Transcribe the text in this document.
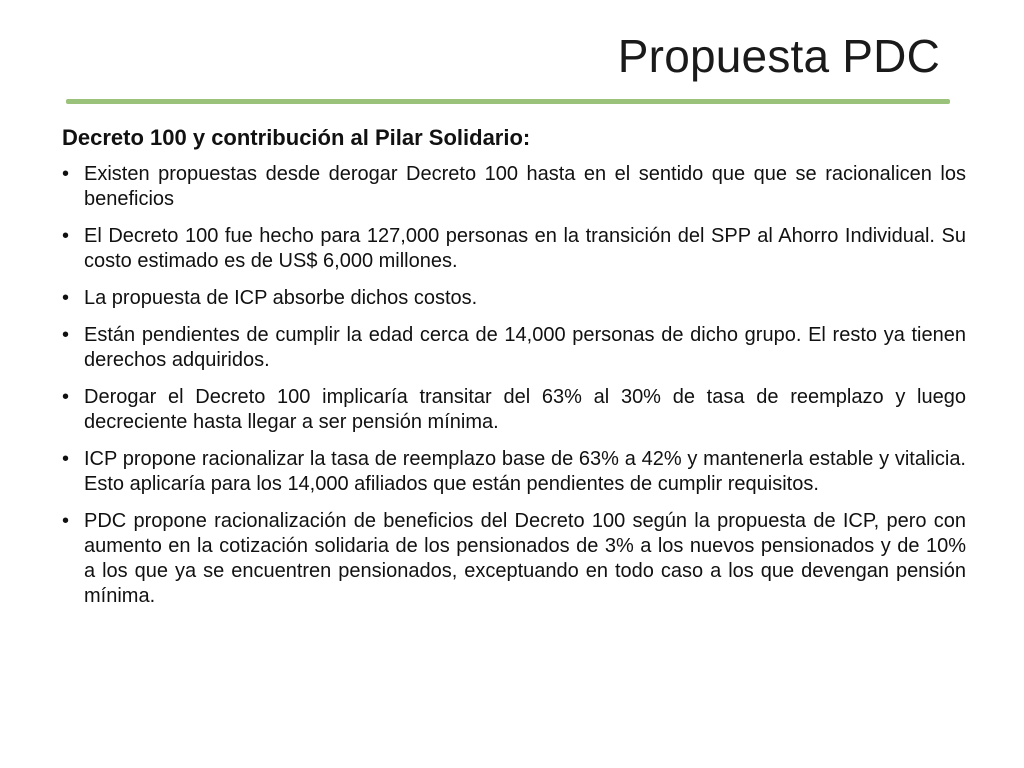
Propuesta PDC
Decreto 100 y contribución al Pilar Solidario:
• Existen propuestas desde derogar Decreto 100 hasta en el sentido que que se racionalicen los beneficios
• El Decreto 100 fue hecho para 127,000 personas en la transición del SPP al Ahorro Individual. Su costo estimado es de US$ 6,000 millones.
• La propuesta de ICP absorbe dichos costos.
• Están pendientes de cumplir la edad cerca de 14,000 personas de dicho grupo. El resto ya tienen derechos adquiridos.
• Derogar el Decreto 100 implicaría transitar del 63% al 30% de tasa de reemplazo y luego decreciente hasta llegar a ser pensión mínima.
• ICP propone racionalizar la tasa de reemplazo base de 63% a 42% y mantenerla estable y vitalicia. Esto aplicaría para los 14,000 afiliados que están pendientes de cumplir requisitos.
• PDC propone racionalización de beneficios del Decreto 100 según la propuesta de ICP, pero con aumento en la cotización solidaria de los pensionados de 3% a los nuevos pensionados y de 10% a los que ya se encuentren pensionados, exceptuando en todo caso a los que devengan pensión mínima.
